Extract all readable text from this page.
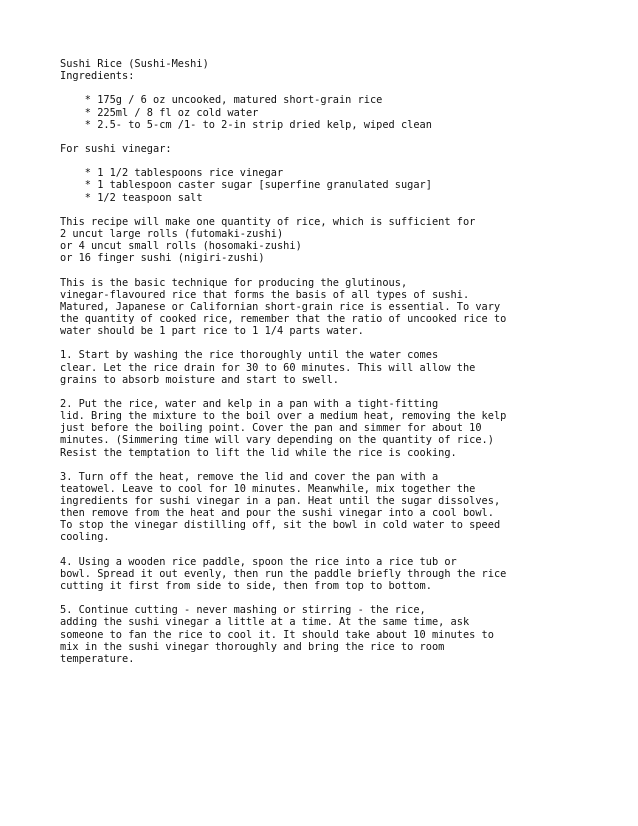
Sushi Rice (Sushi-Meshi)
Ingredients:
* 175g / 6 oz uncooked, matured short-grain rice
* 225ml / 8 fl oz cold water
* 2.5- to 5-cm /1- to 2-in strip dried kelp, wiped clean
For sushi vinegar:
* 1 1/2 tablespoons rice vinegar
* 1 tablespoon caster sugar [superfine granulated sugar]
* 1/2 teaspoon salt
This recipe will make one quantity of rice, which is sufficient for
2 uncut large rolls (futomaki-zushi)
or 4 uncut small rolls (hosomaki-zushi)
or 16 finger sushi (nigiri-zushi)
This is the basic technique for producing the glutinous,
vinegar-flavoured rice that forms the basis of all types of sushi.
Matured, Japanese or Californian short-grain rice is essential. To vary
the quantity of cooked rice, remember that the ratio of uncooked rice to
water should be 1 part rice to 1 1/4 parts water.
1. Start by washing the rice thoroughly until the water comes
clear. Let the rice drain for 30 to 60 minutes. This will allow the
grains to absorb moisture and start to swell.
2. Put the rice, water and kelp in a pan with a tight-fitting
lid. Bring the mixture to the boil over a medium heat, removing the kelp
just before the boiling point. Cover the pan and simmer for about 10
minutes. (Simmering time will vary depending on the quantity of rice.)
Resist the temptation to lift the lid while the rice is cooking.
3. Turn off the heat, remove the lid and cover the pan with a
teatowel. Leave to cool for 10 minutes. Meanwhile, mix together the
ingredients for sushi vinegar in a pan. Heat until the sugar dissolves,
then remove from the heat and pour the sushi vinegar into a cool bowl.
To stop the vinegar distilling off, sit the bowl in cold water to speed
cooling.
4. Using a wooden rice paddle, spoon the rice into a rice tub or
bowl. Spread it out evenly, then run the paddle briefly through the rice
cutting it first from side to side, then from top to bottom.
5. Continue cutting - never mashing or stirring - the rice,
adding the sushi vinegar a little at a time. At the same time, ask
someone to fan the rice to cool it. It should take about 10 minutes to
mix in the sushi vinegar thoroughly and bring the rice to room
temperature.
